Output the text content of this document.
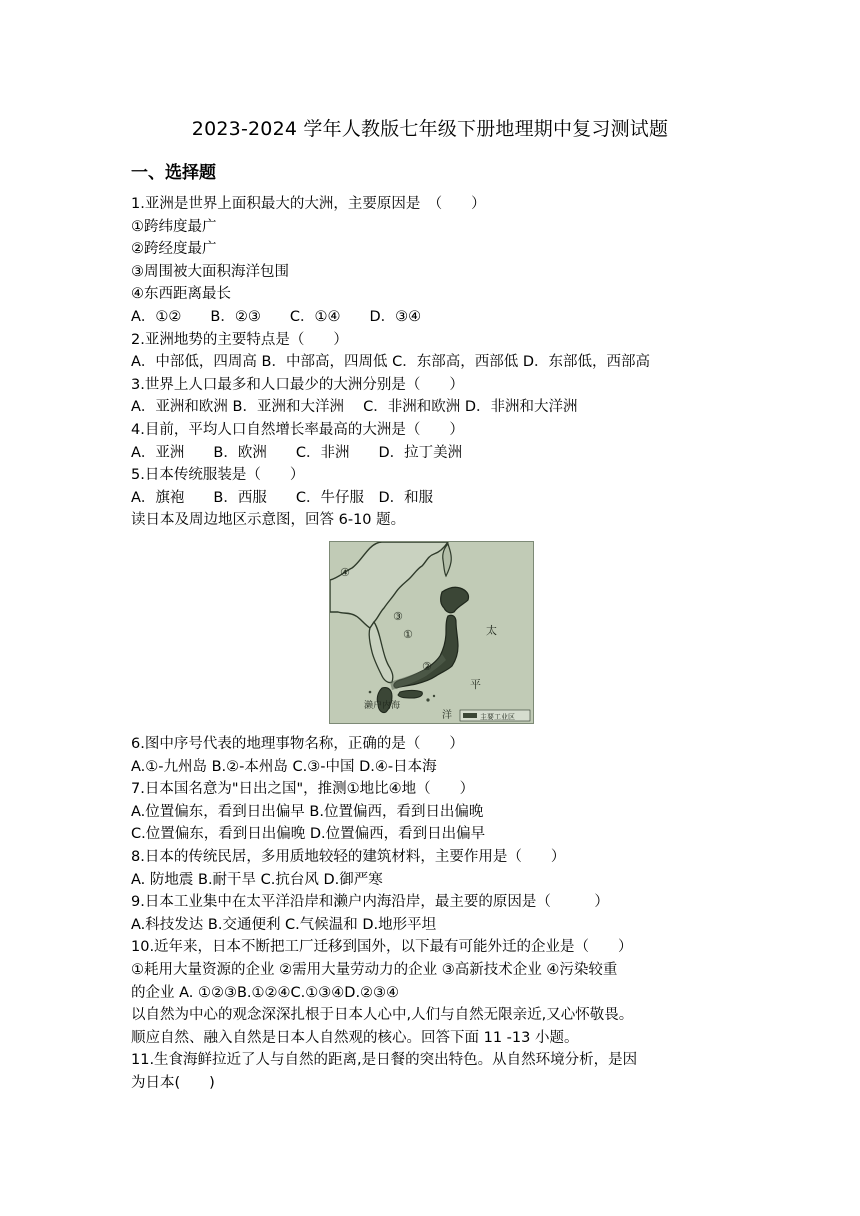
2023-2024 学年人教版七年级下册地理期中复习测试题
一、选择题
1.亚洲是世界上面积最大的大洲，主要原因是　（　　）
①跨纬度最广
②跨经度最广
③周围被大面积海洋包围
④东西距离最长
A．①②　　B．②③　　C．①④　　D．③④
2.亚洲地势的主要特点是（　　）
A．中部低，四周高 B．中部高，四周低 C．东部高，西部低 D．东部低，西部高
3.世界上人口最多和人口最少的大洲分别是（　　）
A．亚洲和欧洲 B．亚洲和大洋洲　 C．非洲和欧洲 D．非洲和大洋洲
4.目前，平均人口自然增长率最高的大洲是（　　）
A．亚洲　　B．欧洲　　C．非洲　　D．拉丁美洲
5.日本传统服装是（　　）
A．旗袍　　B．西服　　C．牛仔服　D．和服
读日本及周边地区示意图，回答 6-10 题。
④
③
①
②
太
平
洋
濑户内海
主要工业区
6.图中序号代表的地理事物名称，正确的是（　　）
A.①-九州岛 B.②-本州岛 C.③-中国 D.④-日本海
7.日本国名意为"日出之国"，推测①地比④地（　　）
A.位置偏东，看到日出偏早 B.位置偏西，看到日出偏晚
C.位置偏东，看到日出偏晚 D.位置偏西，看到日出偏早
8.日本的传统民居，多用质地较轻的建筑材料，主要作用是（　　）
A. 防地震 B.耐干旱 C.抗台风 D.御严寒
9.日本工业集中在太平洋沿岸和濑户内海沿岸，最主要的原因是（　　　）
A.科技发达 B.交通便利 C.气候温和 D.地形平坦
10.近年来，日本不断把工厂迁移到国外，以下最有可能外迁的企业是（　　）
①耗用大量资源的企业 ②需用大量劳动力的企业 ③高新技术企业 ④污染较重
的企业 A. ①②③B.①②④C.①③④D.②③④
以自然为中心的观念深深扎根于日本人心中,人们与自然无限亲近,又心怀敬畏。
顺应自然、融入自然是日本人自然观的核心。回答下面 11 -13 小题。
11.生食海鲜拉近了人与自然的距离,是日餐的突出特色。从自然环境分析，是因
为日本(　　)
